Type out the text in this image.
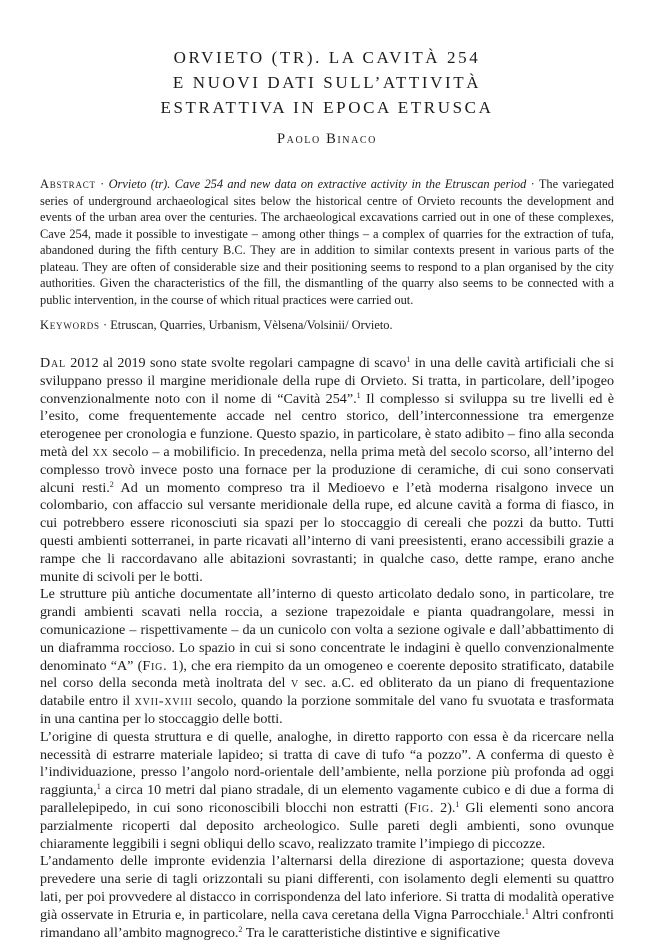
ORVIETO (TR). LA CAVITÀ 254
E NUOVI DATI SULL’ATTIVITÀ
ESTRATTIVA IN EPOCA ETRUSCA
Paolo Binaco
Abstract · Orvieto (tr). Cave 254 and new data on extractive activity in the Etruscan period · The variegated series of underground archaeological sites below the historical centre of Orvieto recounts the development and events of the urban area over the centuries. The archaeological excavations carried out in one of these complexes, Cave 254, made it possible to investigate – among other things – a complex of quarries for the extraction of tufa, abandoned during the fifth century B.C. They are in addition to similar contexts present in various parts of the plateau. They are often of considerable size and their positioning seems to respond to a plan organised by the city authorities. Given the characteristics of the fill, the dismantling of the quarry also seems to be connected with a public intervention, in the course of which ritual practices were carried out.
Keywords · Etruscan, Quarries, Urbanism, Vèlsena/Volsinii/ Orvieto.

Dal 2012 al 2019 sono state svolte regolari campagne di scavo$^1$ in una delle cavità artificiali che si sviluppano presso il margine meridionale della rupe di Orvieto. Si tratta, in particolare, dell’ipogeo convenzionalmente noto con il nome di “Cavità 254”.$^1$ Il complesso si sviluppa su tre livelli ed è l’esito, come frequentemente accade nel centro storico, dell’interconnessione tra emergenze eterogenee per cronologia e funzione. Questo spazio, in particolare, è stato adibito – fino alla seconda metà del xx secolo – a mobilificio. In precedenza, nella prima metà del secolo scorso, all’interno del complesso trovò invece posto una fornace per la produzione di ceramiche, di cui sono conservati alcuni resti.$^2$ Ad un momento compreso tra il Medioevo e l’età moderna risalgono invece un colombario, con affaccio sul versante meridionale della rupe, ed alcune cavità a forma di fiasco, in cui potrebbero essere riconosciuti sia spazi per lo stoccaggio di cereali che pozzi da butto. Tutti questi ambienti sotterranei, in parte ricavati all’interno di vani preesistenti, erano accessibili grazie a rampe che li raccordavano alle abitazioni sovrastanti; in qualche caso, dette rampe, erano anche munite di scivoli per le botti.

Le strutture più antiche documentate all’interno di questo articolato dedalo sono, in particolare, tre grandi ambienti scavati nella roccia, a sezione trapezoidale e pianta quadrangolare, messi in comunicazione – rispettivamente – da un cunicolo con volta a sezione ogivale e dall’abbattimento di un diaframma roccioso. Lo spazio in cui si sono concentrate le indagini è quello convenzionalmente denominato “A” (Fig. 1), che era riempito da un omogeneo e coerente deposito stratificato, databile nel corso della seconda metà inoltrata del v sec. a.C. ed obliterato da un piano di frequentazione databile entro il xvii-xviii secolo, quando la porzione sommitale del vano fu svuotata e trasformata in una cantina per lo stoccaggio delle botti.

L’origine di questa struttura e di quelle, analoghe, in diretto rapporto con essa è da ricercare nella necessità di estrarre materiale lapideo; si tratta di cave di tufo “a pozzo”. A conferma di questo è l’individuazione, presso l’angolo nord-orientale dell’ambiente, nella porzione più profonda ad oggi raggiunta,$^1$ a circa 10 metri dal piano stradale, di un elemento vagamente cubico e di due a forma di parallelepipedo, in cui sono riconoscibili blocchi non estratti (Fig. 2).$^1$ Gli elementi sono ancora parzialmente ricoperti dal deposito archeologico. Sulle pareti degli ambienti, sono ovunque chiaramente leggibili i segni obliqui dello scavo, realizzato tramite l’impiego di piccozze.

L’andamento delle impronte evidenzia l’alternarsi della direzione di asportazione; questa doveva prevedere una serie di tagli orizzontali su piani differenti, con isolamento degli elementi su quattro lati, per poi provvedere al distacco in corrispondenza del lato inferiore. Si tratta di modalità operative già osservate in Etruria e, in particolare, nella cava ceretana della Vigna Parrocchiale.$^1$ Altri confronti rimandano all’ambito magnogreco.$^2$ Tra le caratteristiche distintive e significative
